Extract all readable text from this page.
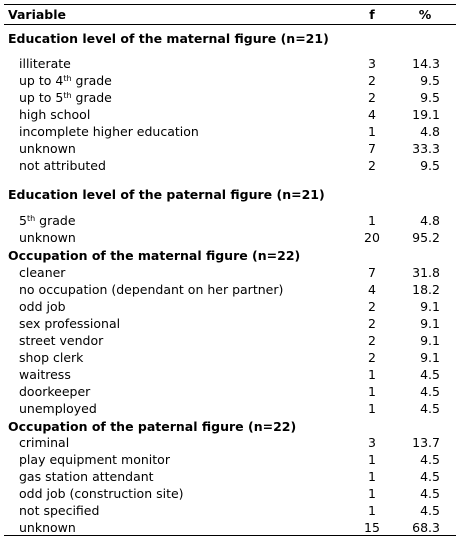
Variable	f	%
Education level of the maternal figure (n=21)
illiterate	3	14.3
up to 4th grade	2	9.5
up to 5th grade	2	9.5
high school	4	19.1
incomplete higher education	1	4.8
unknown	7	33.3
not attributed	2	9.5
Education level of the paternal figure (n=21)
5th grade	1	4.8
unknown	20	95.2
Occupation of the maternal figure (n=22)
cleaner	7	31.8
no occupation (dependant on her partner)	4	18.2
odd job	2	9.1
sex professional	2	9.1
street vendor	2	9.1
shop clerk	2	9.1
waitress	1	4.5
doorkeeper	1	4.5
unemployed	1	4.5
Occupation of the paternal figure (n=22)
criminal	3	13.7
play equipment monitor	1	4.5
gas station attendant	1	4.5
odd job (construction site)	1	4.5
not specified	1	4.5
unknown	15	68.3
